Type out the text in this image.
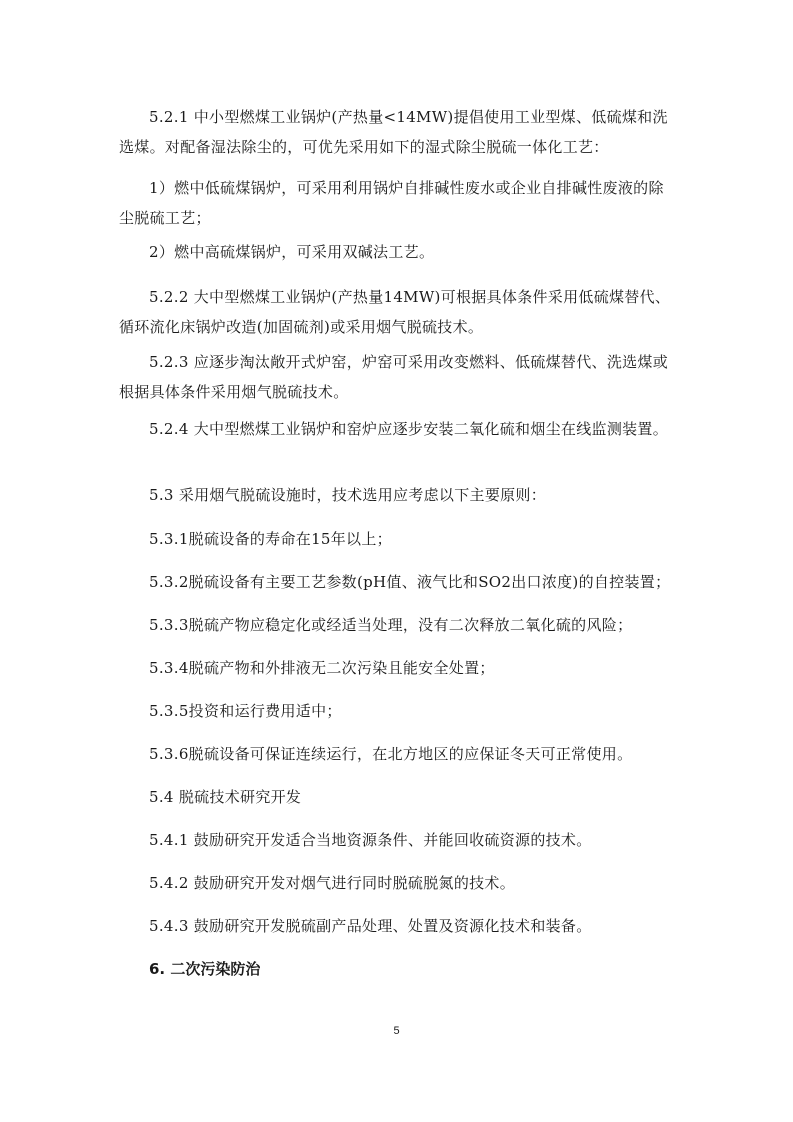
5.2.1 中小型燃煤工业锅炉(产热量<14MW)提倡使用工业型煤、低硫煤和洗选煤。对配备湿法除尘的，可优先采用如下的湿式除尘脱硫一体化工艺：

1）燃中低硫煤锅炉，可采用利用锅炉自排碱性废水或企业自排碱性废液的除尘脱硫工艺；

2）燃中高硫煤锅炉，可采用双碱法工艺。

5.2.2 大中型燃煤工业锅炉(产热量14MW)可根据具体条件采用低硫煤替代、循环流化床锅炉改造(加固硫剂)或采用烟气脱硫技术。

5.2.3 应逐步淘汰敞开式炉窑，炉窑可采用改变燃料、低硫煤替代、洗选煤或根据具体条件采用烟气脱硫技术。

5.2.4 大中型燃煤工业锅炉和窑炉应逐步安装二氧化硫和烟尘在线监测装置。

5.3 采用烟气脱硫设施时，技术选用应考虑以下主要原则：

5.3.1脱硫设备的寿命在15年以上；

5.3.2脱硫设备有主要工艺参数(pH值、液气比和SO2出口浓度)的自控装置；

5.3.3脱硫产物应稳定化或经适当处理，没有二次释放二氧化硫的风险；

5.3.4脱硫产物和外排液无二次污染且能安全处置；

5.3.5投资和运行费用适中；

5.3.6脱硫设备可保证连续运行，在北方地区的应保证冬天可正常使用。

5.4 脱硫技术研究开发

5.4.1 鼓励研究开发适合当地资源条件、并能回收硫资源的技术。

5.4.2 鼓励研究开发对烟气进行同时脱硫脱氮的技术。

5.4.3 鼓励研究开发脱硫副产品处理、处置及资源化技术和装备。

6. 二次污染防治
5
